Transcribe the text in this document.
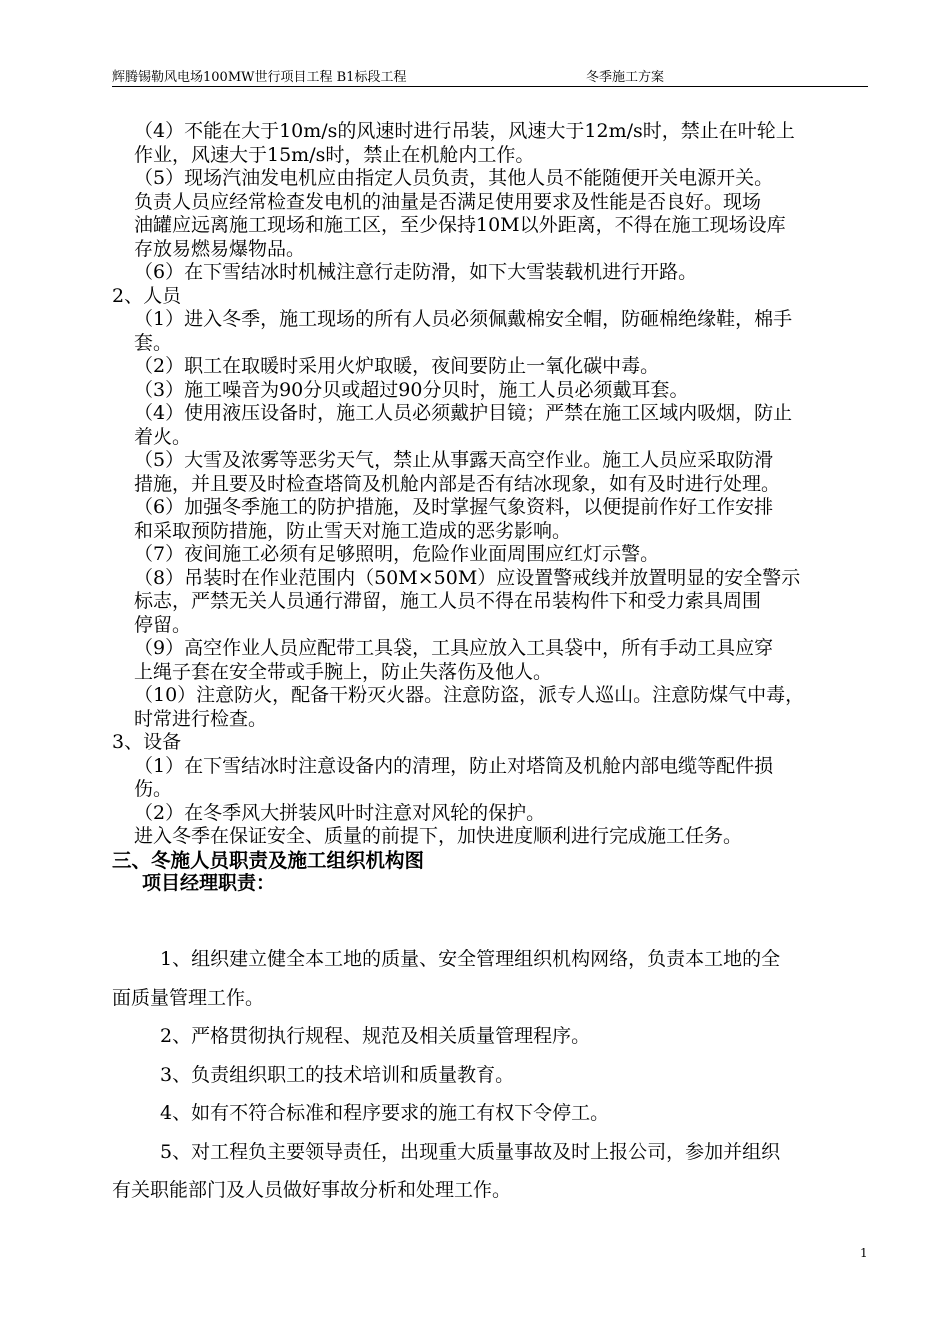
辉腾锡勒风电场100MW世行项目工程 B1标段工程	冬季施工方案
（4）不能在大于10m/s的风速时进行吊装，风速大于12m/s时，禁止在叶轮上
作业，风速大于15m/s时，禁止在机舱内工作。
（5）现场汽油发电机应由指定人员负责，其他人员不能随便开关电源开关。
负责人员应经常检查发电机的油量是否满足使用要求及性能是否良好。现场
油罐应远离施工现场和施工区，至少保持10M以外距离，不得在施工现场设库
存放易燃易爆物品。
（6）在下雪结冰时机械注意行走防滑，如下大雪装载机进行开路。
2、人员
（1）进入冬季，施工现场的所有人员必须佩戴棉安全帽，防砸棉绝缘鞋，棉手
套。
（2）职工在取暖时采用火炉取暖，夜间要防止一氧化碳中毒。
（3）施工噪音为90分贝或超过90分贝时，施工人员必须戴耳套。
（4）使用液压设备时，施工人员必须戴护目镜；严禁在施工区域内吸烟，防止
着火。
（5）大雪及浓雾等恶劣天气，禁止从事露天高空作业。施工人员应采取防滑
措施，并且要及时检查塔筒及机舱内部是否有结冰现象，如有及时进行处理。
（6）加强冬季施工的防护措施，及时掌握气象资料，以便提前作好工作安排
和采取预防措施，防止雪天对施工造成的恶劣影响。
（7）夜间施工必须有足够照明，危险作业面周围应红灯示警。
（8）吊装时在作业范围内（50M×50M）应设置警戒线并放置明显的安全警示
标志，严禁无关人员通行滞留，施工人员不得在吊装构件下和受力索具周围
停留。
（9）高空作业人员应配带工具袋，工具应放入工具袋中，所有手动工具应穿
上绳子套在安全带或手腕上，防止失落伤及他人。
（10）注意防火，配备干粉灭火器。注意防盗，派专人巡山。注意防煤气中毒，
时常进行检查。
3、设备
（1）在下雪结冰时注意设备内的清理，防止对塔筒及机舱内部电缆等配件损
伤。
（2）在冬季风大拼装风叶时注意对风轮的保护。
进入冬季在保证安全、质量的前提下，加快进度顺利进行完成施工任务。
三、冬施人员职责及施工组织机构图
项目经理职责：
1、组织建立健全本工地的质量、安全管理组织机构网络，负责本工地的全
面质量管理工作。
2、严格贯彻执行规程、规范及相关质量管理程序。
3、负责组织职工的技术培训和质量教育。
4、如有不符合标准和程序要求的施工有权下令停工。
5、对工程负主要领导责任，出现重大质量事故及时上报公司，参加并组织
有关职能部门及人员做好事故分析和处理工作。
1
